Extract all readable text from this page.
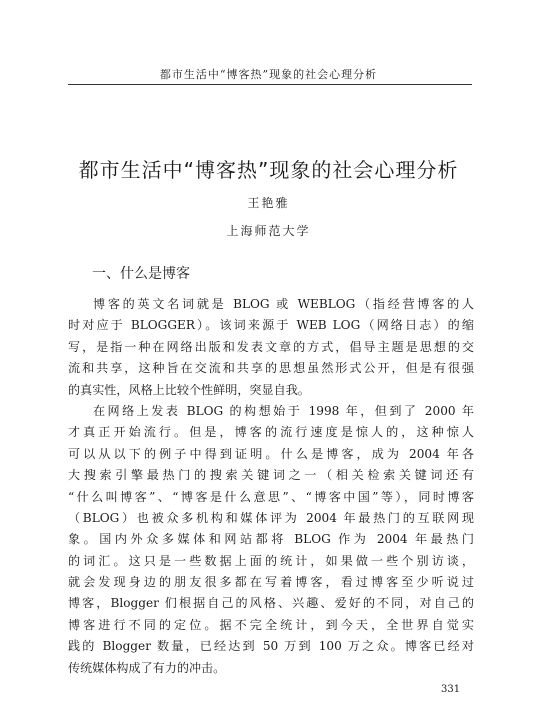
都市生活中“博客热”现象的社会心理分析
都市生活中“博客热”现象的社会心理分析
王艳雅
上海师范大学
一、什么是博客
博客的英文名词就是 BLOG 或 WEBLOG（指经营博客的人
时对应于 BLOGGER）。该词来源于 WEB LOG（网络日志）的缩
写，是指一种在网络出版和发表文章的方式，倡导主题是思想的交
流和共享，这种旨在交流和共享的思想虽然形式公开，但是有很强
的真实性，风格上比较个性鲜明，突显自我。
在网络上发表 BLOG 的构想始于 1998 年，但到了 2000 年
才真正开始流行。但是，博客的流行速度是惊人的，这种惊人
可以从以下的例子中得到证明。什么是博客，成为 2004 年各
大搜索引擎最热门的搜索关键词之一（相关检索关键词还有
“什么叫博客”、“博客是什么意思”、“博客中国”等），同时博客
（BLOG）也被众多机构和媒体评为 2004 年最热门的互联网现
象。国内外众多媒体和网站都将 BLOG 作为 2004 年最热门
的词汇。这只是一些数据上面的统计，如果做一些个别访谈，
就会发现身边的朋友很多都在写着博客，看过博客至少听说过
博客，Blogger 们根据自己的风格、兴趣、爱好的不同，对自己的
博客进行不同的定位。据不完全统计，到今天，全世界自觉实
践的 Blogger 数量，已经达到 50 万到 100 万之众。博客已经对
传统媒体构成了有力的冲击。
331
